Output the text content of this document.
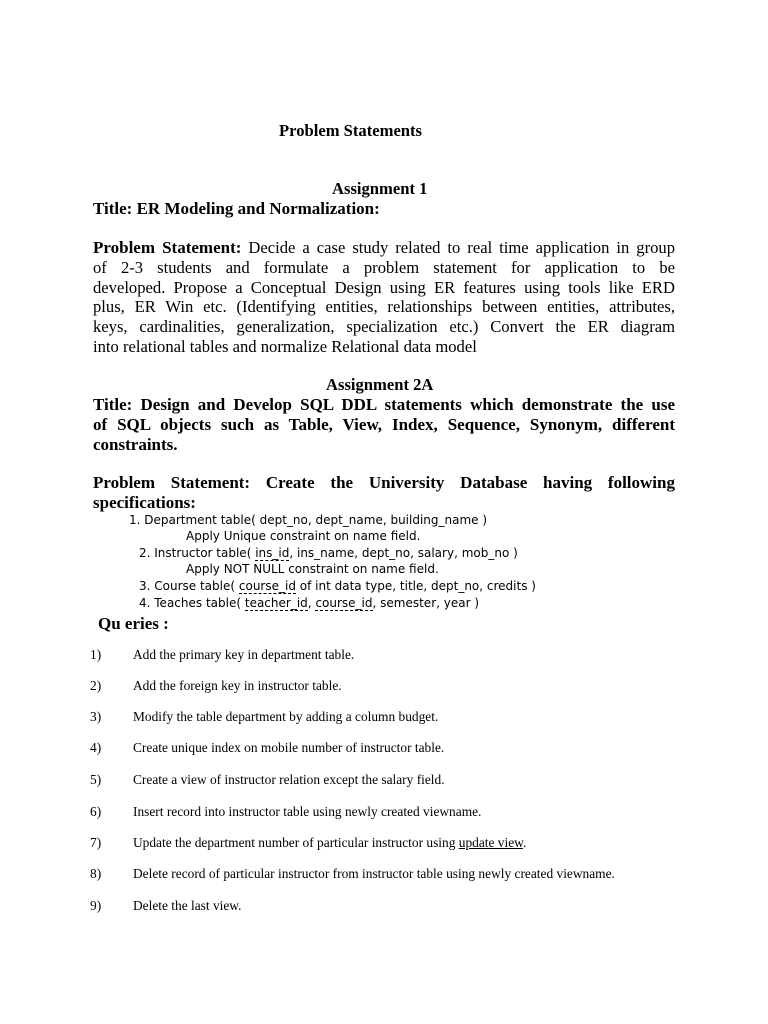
Problem Statements
Assignment 1
Title: ER Modeling and Normalization:
Problem Statement: Decide a case study related to real time application in group
of 2-3 students and formulate a problem statement for application to be
developed. Propose a Conceptual Design using ER features using tools like ERD
plus, ER Win etc. (Identifying entities, relationships between entities, attributes,
keys, cardinalities, generalization, specialization etc.) Convert the ER diagram
into relational tables and normalize Relational data model
Assignment 2A
Title: Design and Develop SQL DDL statements which demonstrate the use
of SQL objects such as Table, View, Index, Sequence, Synonym, different
constraints.
Problem Statement: Create the University Database having following
specifications:
1. Department table( dept_no, dept_name, building_name )
Apply Unique constraint on name field.
2. Instructor table( ins_id, ins_name, dept_no, salary, mob_no )
Apply NOT NULL constraint on name field.
3. Course table( course_id of int data type, title, dept_no, credits )
4. Teaches table( teacher_id, course_id, semester, year )
Qu eries :
1) Add the primary key in department table.
2) Add the foreign key in instructor table.
3) Modify the table department by adding a column budget.
4) Create unique index on mobile number of instructor table.
5) Create a view of instructor relation except the salary field.
6) Insert record into instructor table using newly created viewname.
7) Update the department number of particular instructor using update view.
8) Delete record of particular instructor from instructor table using newly created viewname.
9) Delete the last view.
